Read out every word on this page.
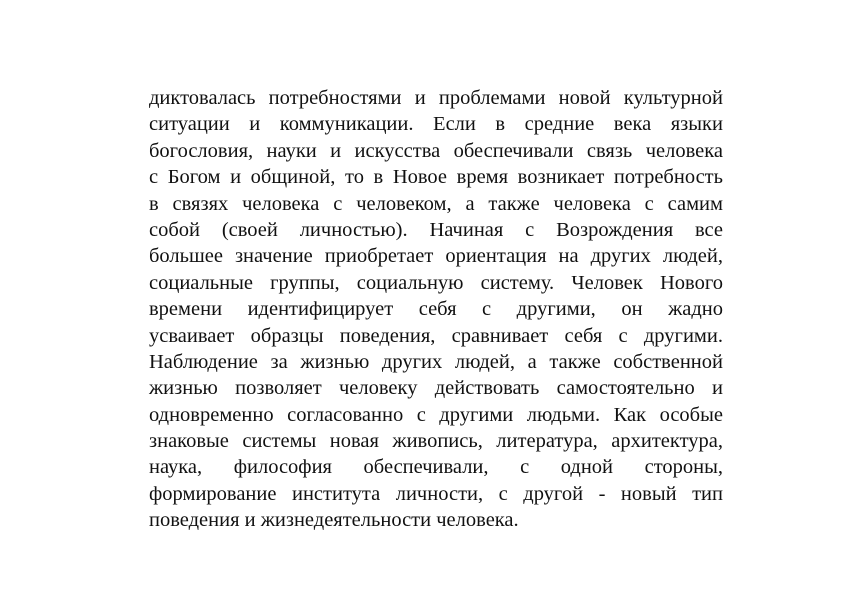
диктовалась потребностями и проблемами новой культурной
ситуации и коммуникации. Если в средние века языки
богословия, науки и искусства обеспечивали связь человека
с Богом и общиной, то в Новое время возникает потребность
в связях человека с человеком, а также человека с самим
собой (своей личностью). Начиная с Возрождения все
большее значение приобретает ориентация на других людей,
социальные группы, социальную систему. Человек Нового
времени идентифицирует себя с другими, он жадно
усваивает образцы поведения, сравнивает себя с другими.
Наблюдение за жизнью других людей, а также собственной
жизнью позволяет человеку действовать самостоятельно и
одновременно согласованно с другими людьми. Как особые
знаковые системы новая живопись, литература, архитектура,
наука, философия обеспечивали, с одной стороны,
формирование института личности, с другой - новый тип
поведения и жизнедеятельности человека.
